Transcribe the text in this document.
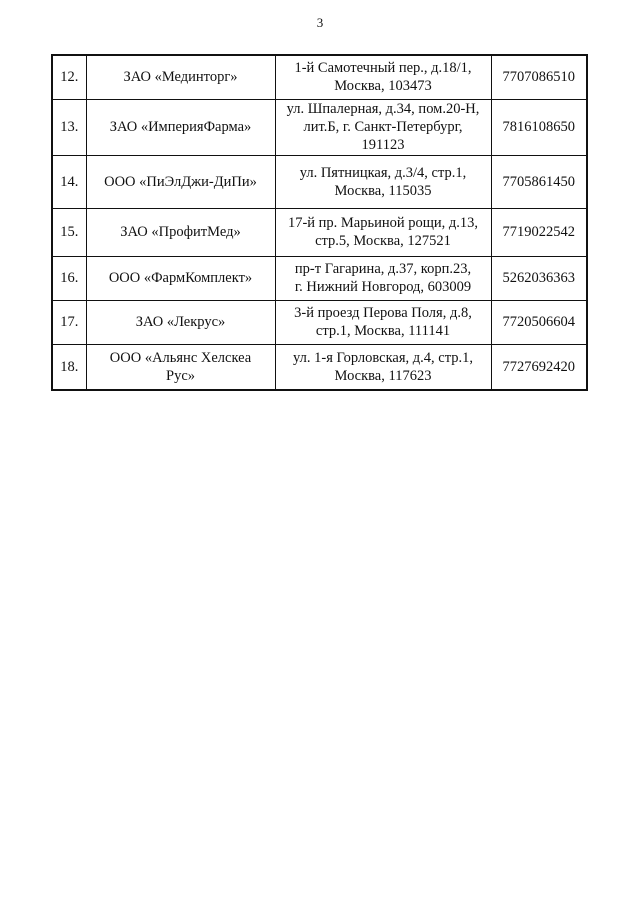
3
12.	ЗАО «Мединторг»	1-й Самотечный пер., д.18/1,
Москва, 103473	7707086510
13.	ЗАО «ИмперияФарма»	ул. Шпалерная, д.34, пом.20-Н,
лит.Б, г. Санкт-Петербург,
191123	7816108650
14.	ООО «ПиЭлДжи-ДиПи»	ул. Пятницкая, д.3/4, стр.1,
Москва, 115035	7705861450
15.	ЗАО «ПрофитМед»	17-й пр. Марьиной рощи, д.13,
стр.5, Москва, 127521	7719022542
16.	ООО «ФармКомплект»	пр-т Гагарина, д.37, корп.23,
г. Нижний Новгород, 603009	5262036363
17.	ЗАО «Лекрус»	3-й проезд Перова Поля, д.8,
стр.1, Москва, 111141	7720506604
18.	ООО «Альянс Хелскеа
Рус»	ул. 1-я Горловская, д.4, стр.1,
Москва, 117623	7727692420
